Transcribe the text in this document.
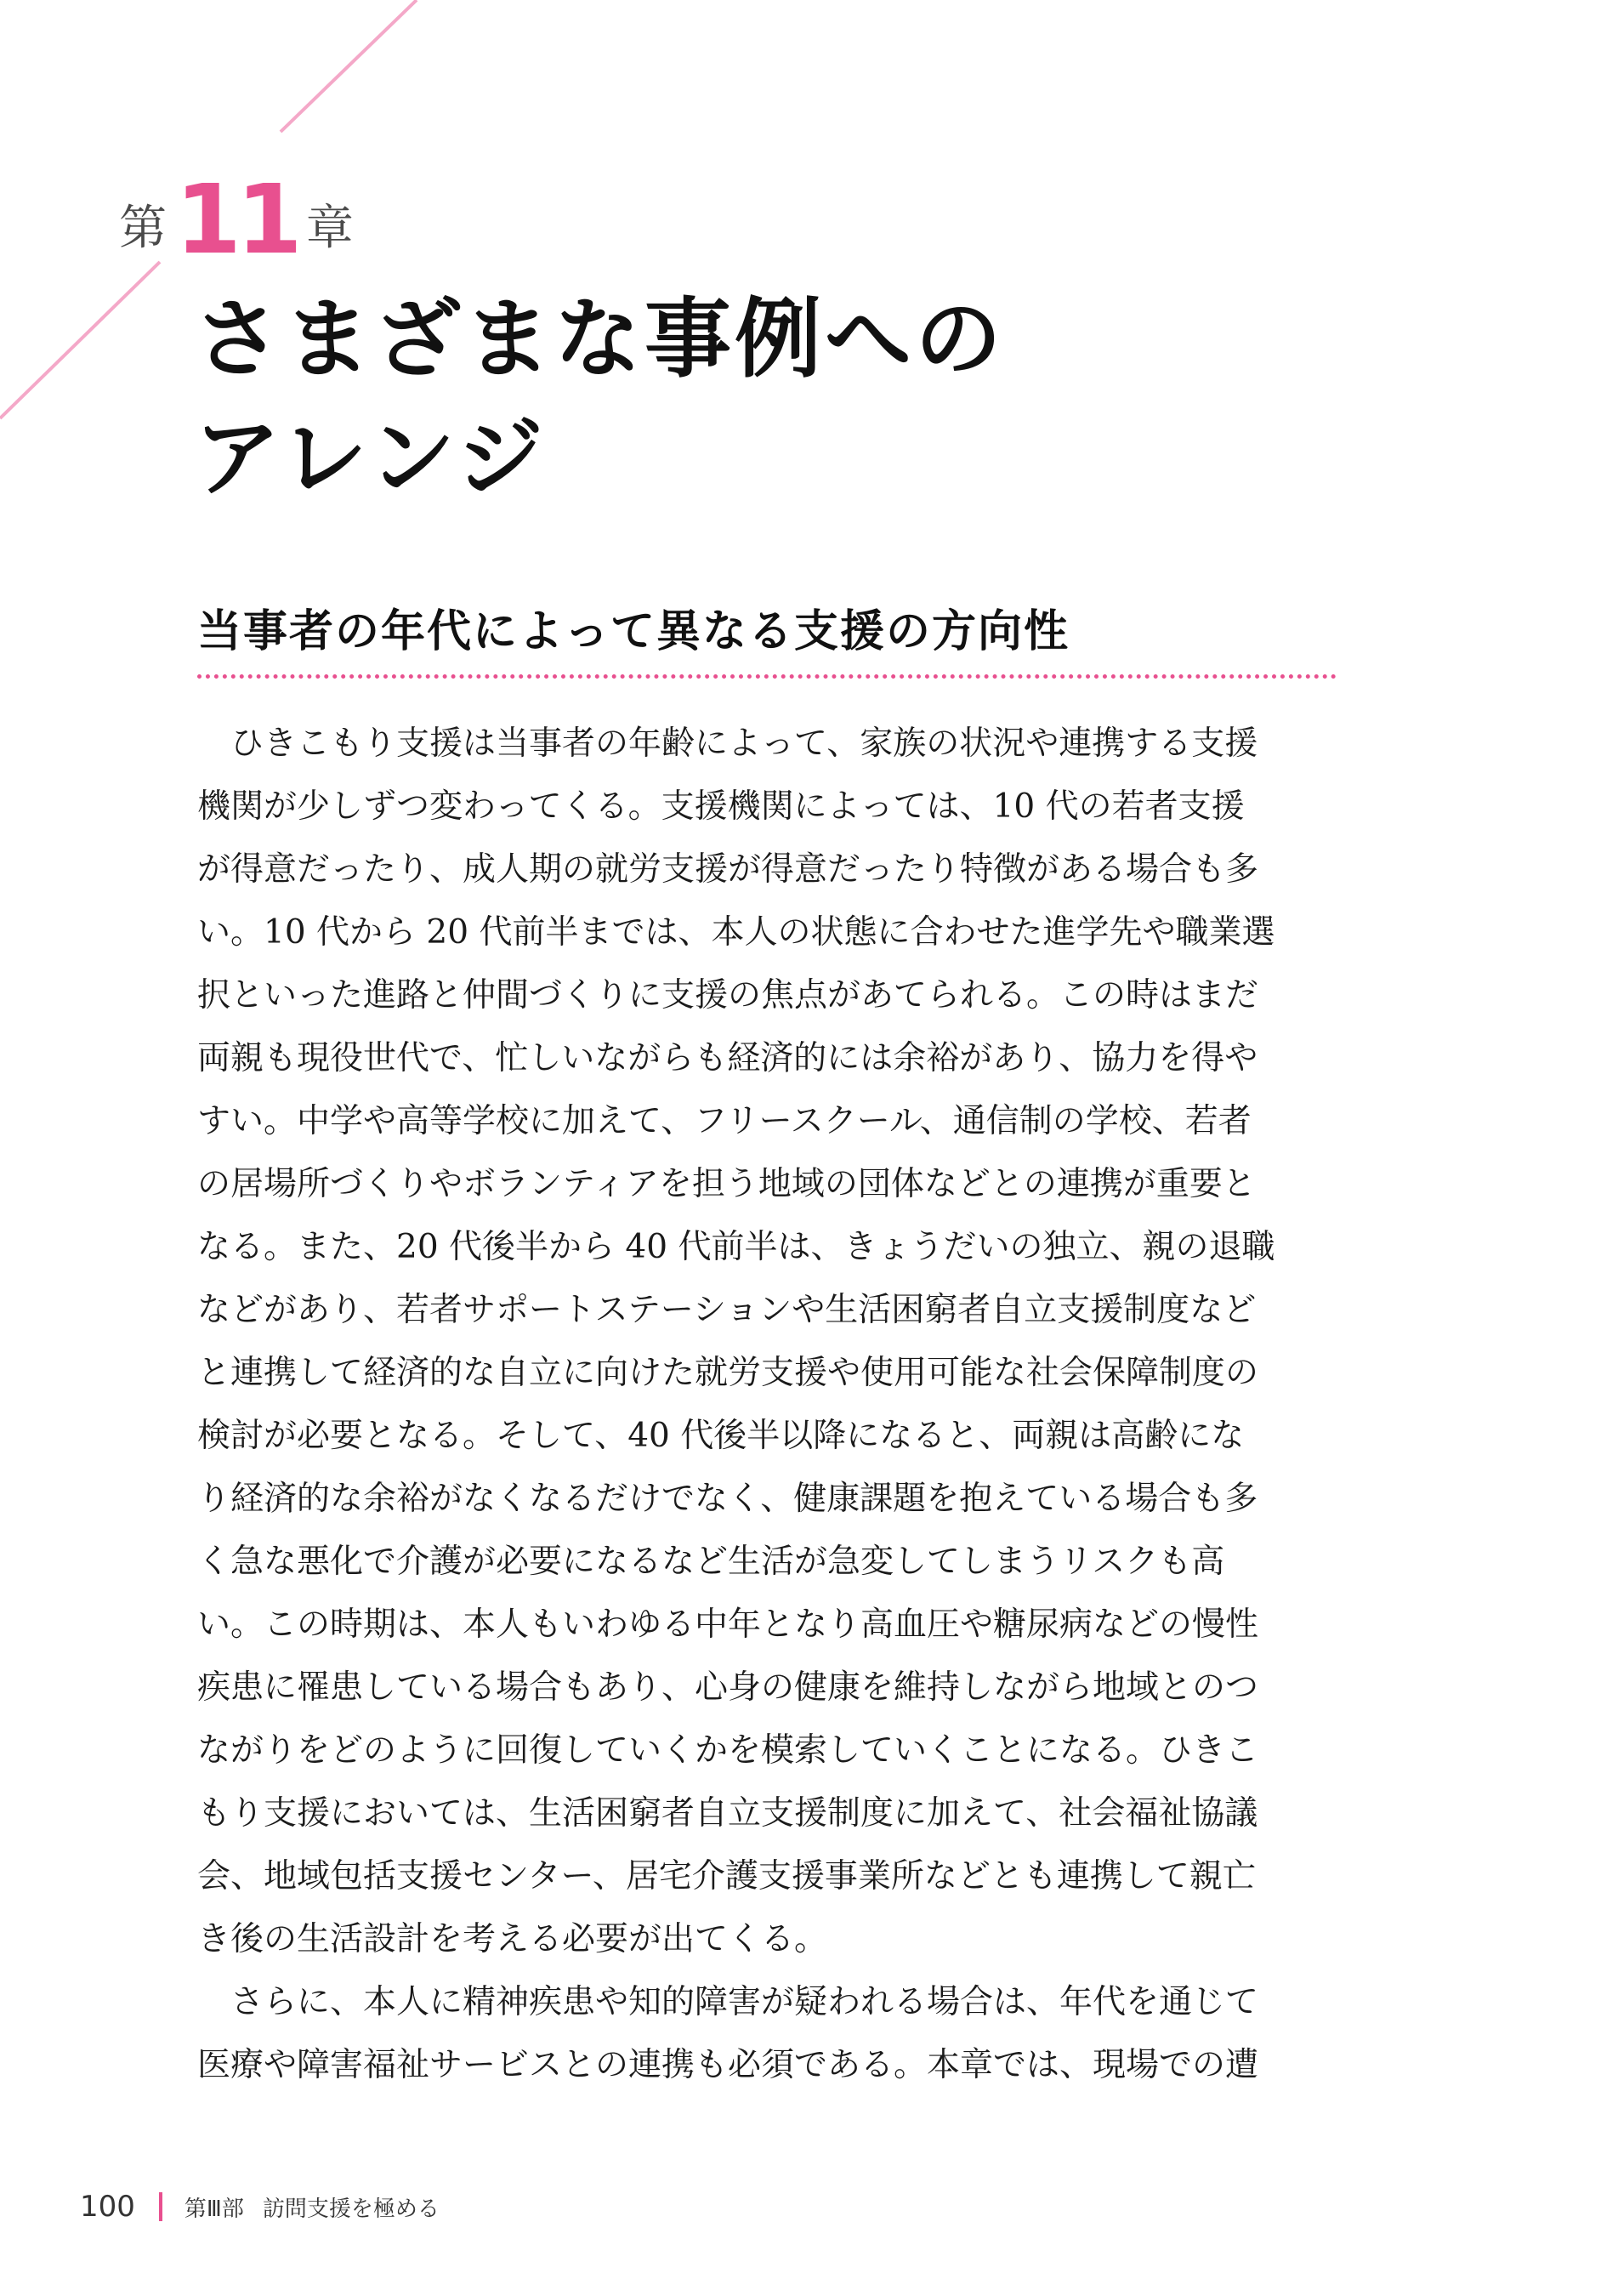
第 11 章
さまざまな事例への
アレンジ
当事者の年代によって異なる支援の方向性
　ひきこもり支援は当事者の年齢によって、家族の状況や連携する支援
機関が少しずつ変わってくる。支援機関によっては、10 代の若者支援
が得意だったり、成人期の就労支援が得意だったり特徴がある場合も多
い。10 代から 20 代前半までは、本人の状態に合わせた進学先や職業選
択といった進路と仲間づくりに支援の焦点があてられる。この時はまだ
両親も現役世代で、忙しいながらも経済的には余裕があり、協力を得や
すい。中学や高等学校に加えて、フリースクール、通信制の学校、若者
の居場所づくりやボランティアを担う地域の団体などとの連携が重要と
なる。また、20 代後半から 40 代前半は、きょうだいの独立、親の退職
などがあり、若者サポートステーションや生活困窮者自立支援制度など
と連携して経済的な自立に向けた就労支援や使用可能な社会保障制度の
検討が必要となる。そして、40 代後半以降になると、両親は高齢にな
り経済的な余裕がなくなるだけでなく、健康課題を抱えている場合も多
く急な悪化で介護が必要になるなど生活が急変してしまうリスクも高
い。この時期は、本人もいわゆる中年となり高血圧や糖尿病などの慢性
疾患に罹患している場合もあり、心身の健康を維持しながら地域とのつ
ながりをどのように回復していくかを模索していくことになる。ひきこ
もり支援においては、生活困窮者自立支援制度に加えて、社会福祉協議
会、地域包括支援センター、居宅介護支援事業所などとも連携して親亡
き後の生活設計を考える必要が出てくる。
　さらに、本人に精神疾患や知的障害が疑われる場合は、年代を通じて
医療や障害福祉サービスとの連携も必須である。本章では、現場での遭
100 第Ⅲ部 訪問支援を極める
